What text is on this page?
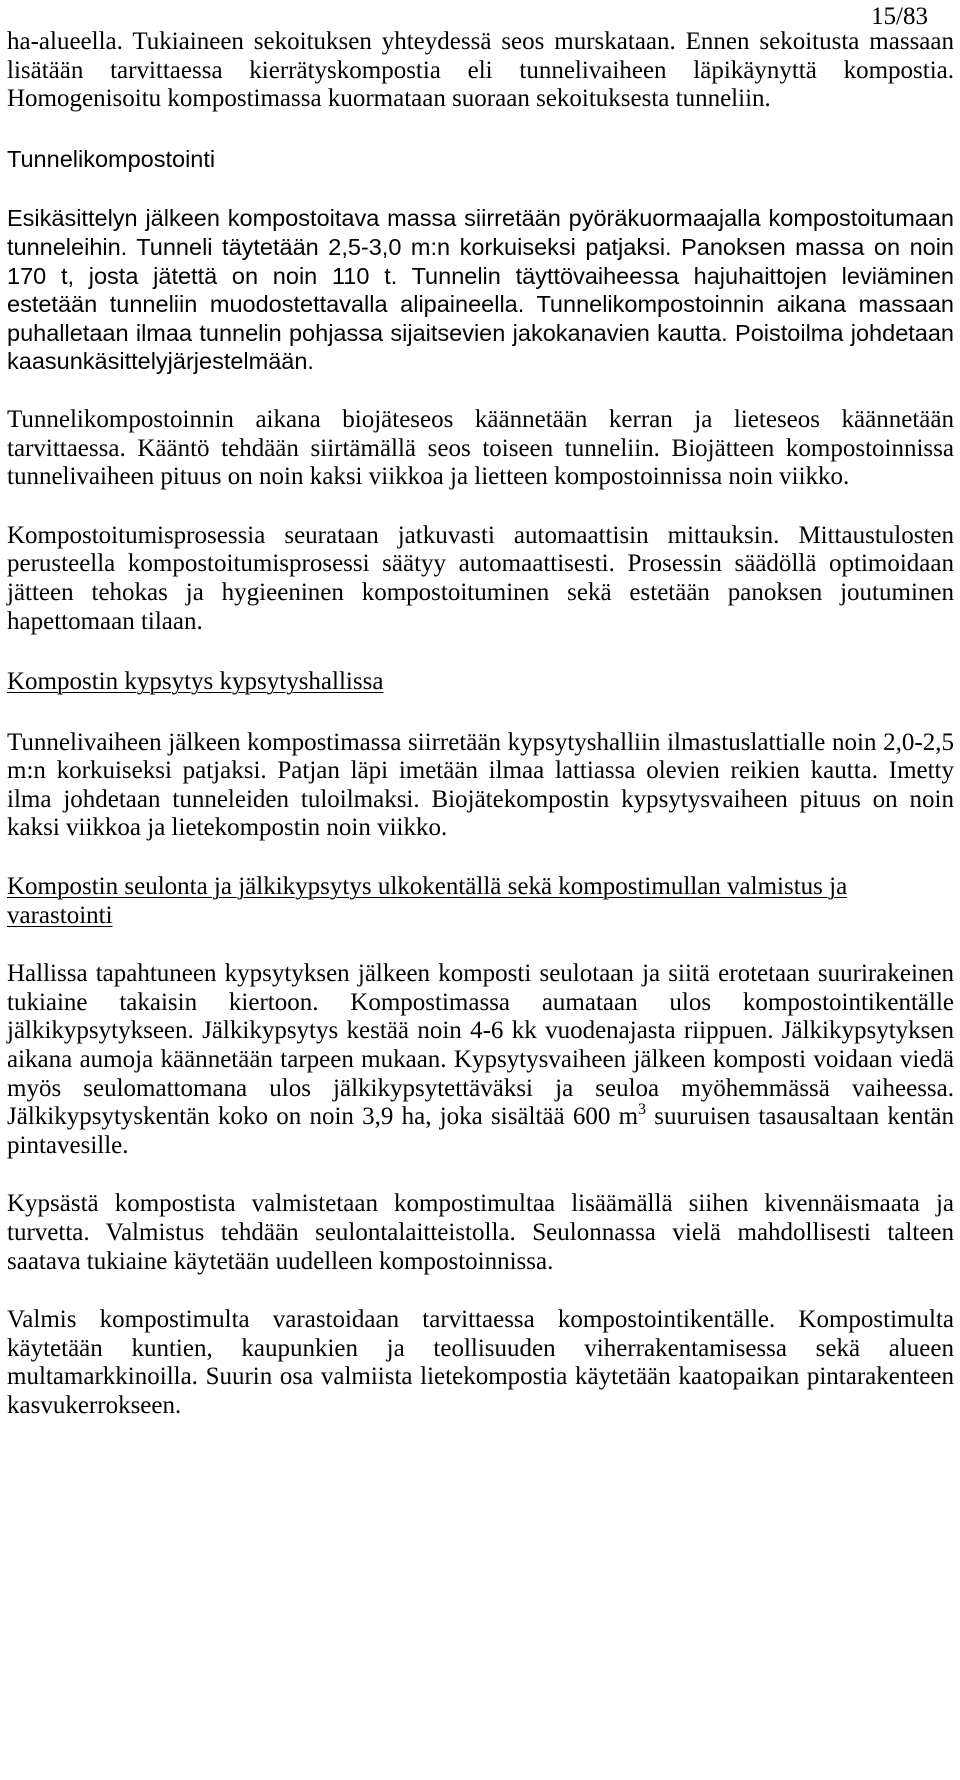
15/83

ha-alueella. Tukiaineen sekoituksen yhteydessä seos murskataan. Ennen sekoitusta massaan lisätään tarvittaessa kierrätyskompostia eli tunnelivaiheen läpikäynyttä kompostia. Homogenisoitu kompostimassa kuormataan suoraan sekoituksesta tunneliin.

Tunnelikompostointi

Esikäsittelyn jälkeen kompostoitava massa siirretään pyöräkuormaajalla kompostoitumaan tunneleihin. Tunneli täytetään 2,5-3,0 m:n korkuiseksi patjaksi. Panoksen massa on noin 170 t, josta jätettä on noin 110 t. Tunnelin täyttövaiheessa hajuhaittojen leviäminen estetään tunneliin muodostettavalla alipaineella. Tunnelikompostoinnin aikana massaan puhalletaan ilmaa tunnelin pohjassa sijaitsevien jakokanavien kautta. Poistoilma johdetaan kaasunkäsittelyjärjestelmään.

Tunnelikompostoinnin aikana biojäteseos käännetään kerran ja lieteseos käännetään tarvittaessa. Kääntö tehdään siirtämällä seos toiseen tunneliin. Biojätteen kompostoinnissa tunnelivaiheen pituus on noin kaksi viikkoa ja lietteen kompostoinnissa noin viikko.

Kompostoitumisprosessia seurataan jatkuvasti automaattisin mittauksin. Mittaustulosten perusteella kompostoitumisprosessi säätyy automaattisesti. Prosessin säädöllä optimoidaan jätteen tehokas ja hygieeninen kompostoituminen sekä estetään panoksen joutuminen hapettomaan tilaan.

Kompostin kypsytys kypsytyshallissa

Tunnelivaiheen jälkeen kompostimassa siirretään kypsytyshalliin ilmastuslattialle noin 2,0-2,5 m:n korkuiseksi patjaksi. Patjan läpi imetään ilmaa lattiassa olevien reikien kautta. Imetty ilma johdetaan tunneleiden tuloilmaksi. Biojätekompostin kypsytysvaiheen pituus on noin kaksi viikkoa ja lietekompostin noin viikko.

Kompostin seulonta ja jälkikypsytys ulkokentällä sekä kompostimullan valmistus ja varastointi

Hallissa tapahtuneen kypsytyksen jälkeen komposti seulotaan ja siitä erotetaan suurirakeinen tukiaine takaisin kiertoon. Kompostimassa aumataan ulos kompostointikentälle jälkikypsytykseen. Jälkikypsytys kestää noin 4-6 kk vuodenajasta riippuen. Jälkikypsytyksen aikana aumoja käännetään tarpeen mukaan. Kypsytysvaiheen jälkeen komposti voidaan viedä myös seulomattomana ulos jälkikypsytettäväksi ja seuloa myöhemmässä vaiheessa. Jälkikypsytyskentän koko on noin 3,9 ha, joka sisältää 600 $m^3$ suuruisen tasausaltaan kentän pintavesille.

Kypsästä kompostista valmistetaan kompostimultaa lisäämällä siihen kivennäismaata ja turvetta. Valmistus tehdään seulontalaitteistolla. Seulonnassa vielä mahdollisesti talteen saatava tukiaine käytetään uudelleen kompostoinnissa.

Valmis kompostimulta varastoidaan tarvittaessa kompostointikentälle. Kompostimulta käytetään kuntien, kaupunkien ja teollisuuden viherrakentamisessa sekä alueen multamarkkinoilla. Suurin osa valmiista lietekompostia käytetään kaatopaikan pintarakenteen kasvukerrokseen.
